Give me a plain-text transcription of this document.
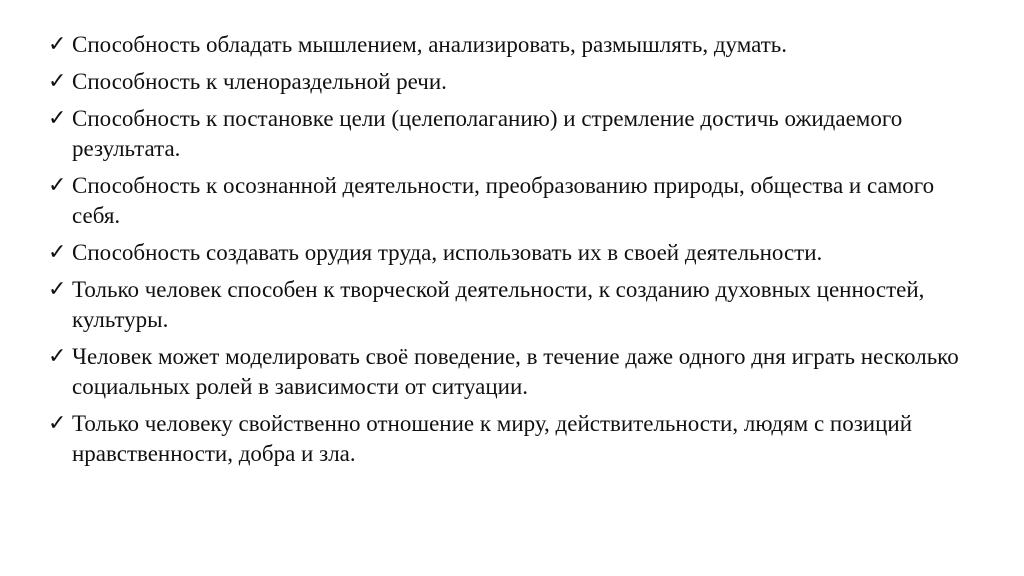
✓ Способность обладать мышлением, анализировать, размышлять, думать.
✓ Способность к членораздельной речи.
✓ Способность к постановке цели (целеполаганию) и стремление достичь ожидаемого результата.
✓ Способность к осознанной деятельности, преобразованию природы, общества и самого себя.
✓ Способность создавать орудия труда, использовать их в своей деятельности.
✓ Только человек способен к творческой деятельности, к созданию духовных ценностей, культуры.
✓ Человек может моделировать своё поведение, в течение даже одного дня играть несколько социальных ролей в зависимости от ситуации.
✓ Только человеку свойственно отношение к миру, действительности, людям с позиций нравственности, добра и зла.
